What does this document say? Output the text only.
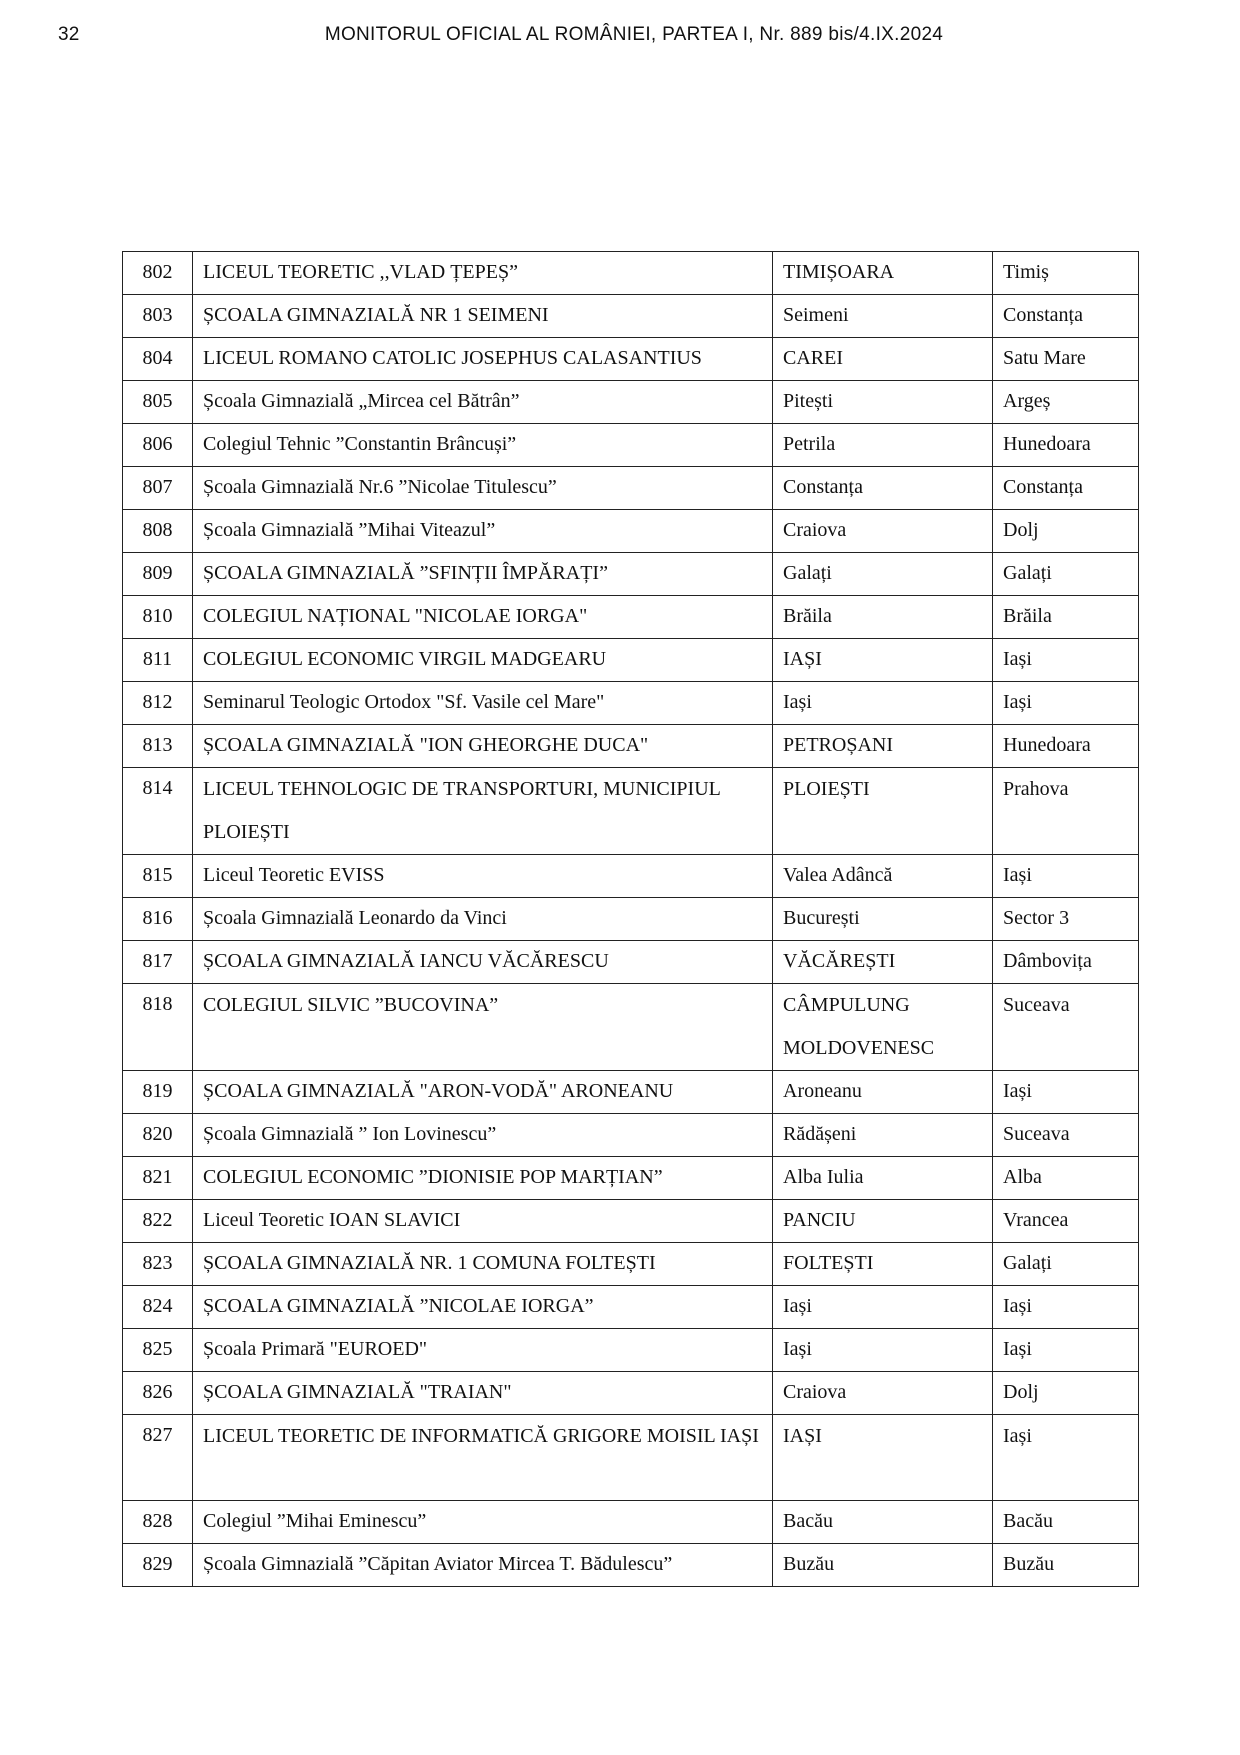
32	MONITORUL OFICIAL AL ROMÂNIEI, PARTEA I, Nr. 889 bis/4.IX.2024
802	LICEUL TEORETIC ,,VLAD ȚEPEȘ”	TIMIȘOARA	Timiș
803	ȘCOALA GIMNAZIALĂ NR 1 SEIMENI	Seimeni	Constanța
804	LICEUL ROMANO CATOLIC JOSEPHUS CALASANTIUS	CAREI	Satu Mare
805	Școala Gimnazială „Mircea cel Bătrân”	Pitești	Argeș
806	Colegiul Tehnic ”Constantin Brâncuși”	Petrila	Hunedoara
807	Școala Gimnazială Nr.6 ”Nicolae Titulescu”	Constanța	Constanța
808	Școala Gimnazială ”Mihai Viteazul”	Craiova	Dolj
809	ȘCOALA GIMNAZIALĂ ”SFINȚII ÎMPĂRAȚI”	Galați	Galați
810	COLEGIUL NAȚIONAL "NICOLAE IORGA"	Brăila	Brăila
811	COLEGIUL ECONOMIC VIRGIL MADGEARU	IAȘI	Iași
812	Seminarul Teologic Ortodox "Sf. Vasile cel Mare"	Iași	Iași
813	ȘCOALA GIMNAZIALĂ "ION GHEORGHE DUCA"	PETROȘANI	Hunedoara
814	LICEUL TEHNOLOGIC DE TRANSPORTURI, MUNICIPIUL PLOIEȘTI	PLOIEȘTI	Prahova
815	Liceul Teoretic EVISS	Valea Adâncă	Iași
816	Școala Gimnazială Leonardo da Vinci	București	Sector 3
817	ȘCOALA GIMNAZIALĂ IANCU VĂCĂRESCU	VĂCĂREȘTI	Dâmbovița
818	COLEGIUL SILVIC ”BUCOVINA”	CÂMPULUNG MOLDOVENESC	Suceava
819	ȘCOALA GIMNAZIALĂ "ARON-VODĂ" ARONEANU	Aroneanu	Iași
820	Școala Gimnazială ” Ion Lovinescu”	Rădășeni	Suceava
821	COLEGIUL ECONOMIC ”DIONISIE POP MARȚIAN”	Alba Iulia	Alba
822	Liceul Teoretic IOAN SLAVICI	PANCIU	Vrancea
823	ȘCOALA GIMNAZIALĂ NR. 1 COMUNA FOLTEȘTI	FOLTEȘTI	Galați
824	ȘCOALA GIMNAZIALĂ ”NICOLAE IORGA”	Iași	Iași
825	Școala Primară "EUROED"	Iași	Iași
826	ȘCOALA GIMNAZIALĂ "TRAIAN"	Craiova	Dolj
827	LICEUL TEORETIC DE INFORMATICĂ GRIGORE MOISIL IAȘI	IAȘI	Iași
828	Colegiul ”Mihai Eminescu”	Bacău	Bacău
829	Școala Gimnazială ”Căpitan Aviator Mircea T. Bădulescu”	Buzău	Buzău
